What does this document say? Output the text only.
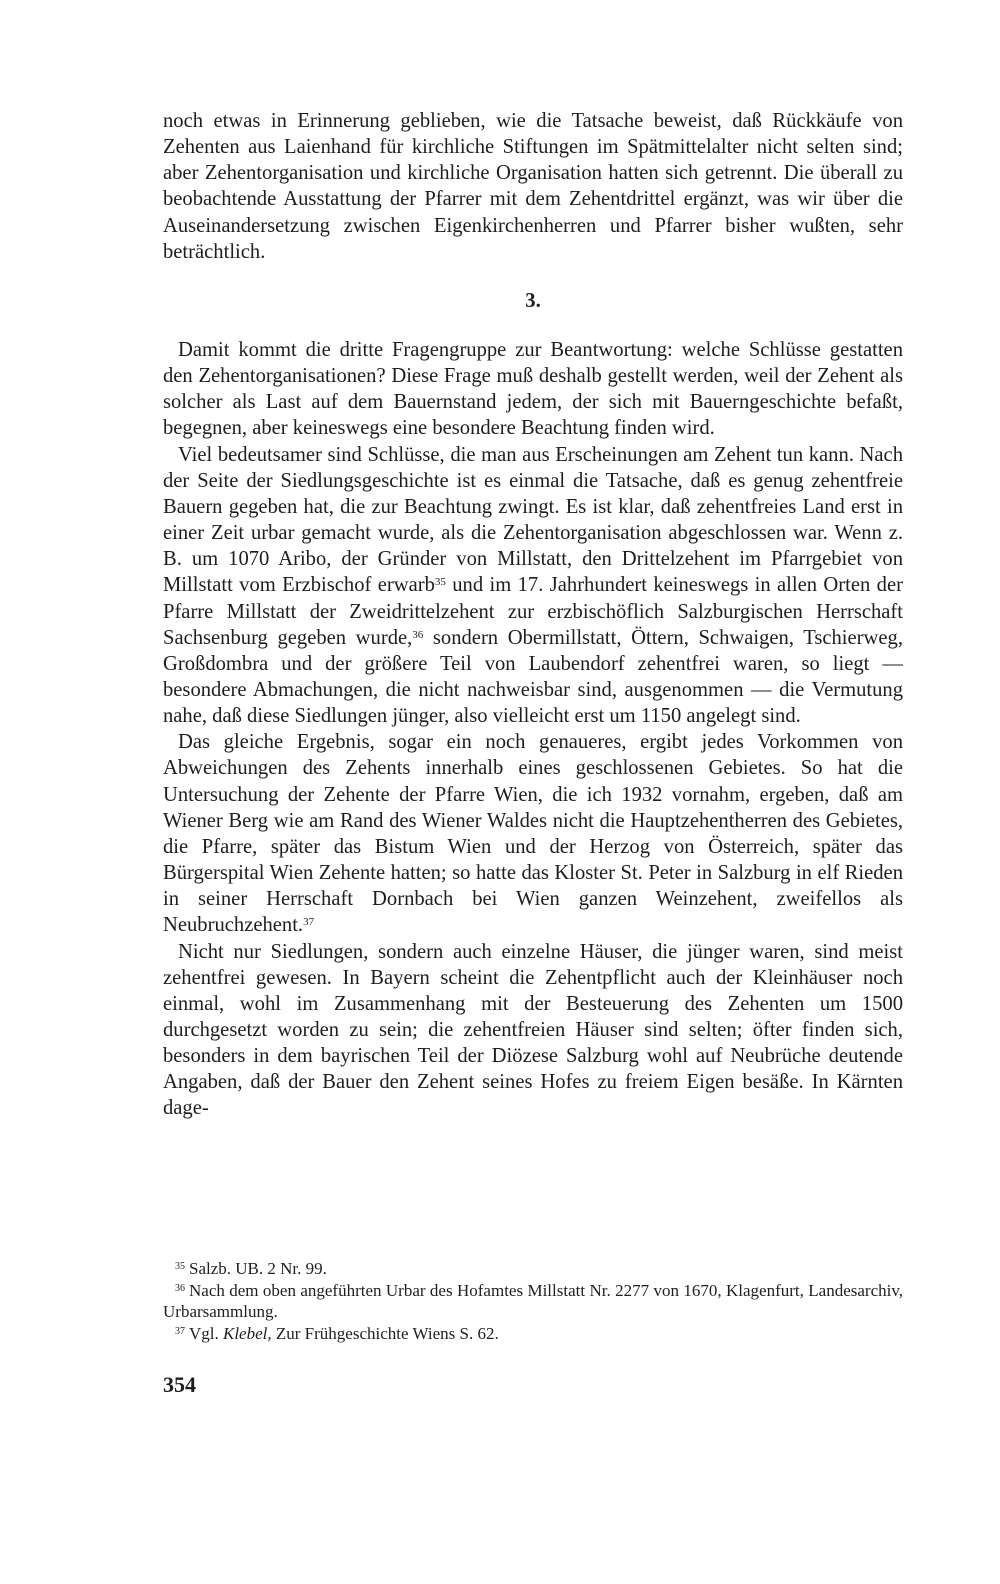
noch etwas in Erinnerung geblieben, wie die Tatsache beweist, daß Rückkäufe von Zehenten aus Laienhand für kirchliche Stiftungen im Spätmittelalter nicht selten sind; aber Zehentorganisation und kirchliche Organisation hatten sich getrennt. Die überall zu beobachtende Ausstattung der Pfarrer mit dem Zehentdrittel ergänzt, was wir über die Auseinandersetzung zwischen Eigenkirchenherren und Pfarrer bisher wußten, sehr beträchtlich.

3.

Damit kommt die dritte Fragengruppe zur Beantwortung: welche Schlüsse gestatten den Zehentorganisationen? Diese Frage muß deshalb gestellt werden, weil der Zehent als solcher als Last auf dem Bauernstand jedem, der sich mit Bauerngeschichte befaßt, begegnen, aber keineswegs eine besondere Beachtung finden wird.

Viel bedeutsamer sind Schlüsse, die man aus Erscheinungen am Zehent tun kann. Nach der Seite der Siedlungsgeschichte ist es einmal die Tatsache, daß es genug zehentfreie Bauern gegeben hat, die zur Beachtung zwingt. Es ist klar, daß zehentfreies Land erst in einer Zeit urbar gemacht wurde, als die Zehentorganisation abgeschlossen war. Wenn z. B. um 1070 Aribo, der Gründer von Millstatt, den Drittelzehent im Pfarrgebiet von Millstatt vom Erzbischof erwarb$^{35}$ und im 17. Jahrhundert keineswegs in allen Orten der Pfarre Millstatt der Zweidrittelzehent zur erzbischöflich Salzburgischen Herrschaft Sachsenburg gegeben wurde,$^{36}$ sondern Obermillstatt, Öttern, Schwaigen, Tschierweg, Großdombra und der größere Teil von Laubendorf zehentfrei waren, so liegt — besondere Abmachungen, die nicht nachweisbar sind, ausgenommen — die Vermutung nahe, daß diese Siedlungen jünger, also vielleicht erst um 1150 angelegt sind.

Das gleiche Ergebnis, sogar ein noch genaueres, ergibt jedes Vorkommen von Abweichungen des Zehents innerhalb eines geschlossenen Gebietes. So hat die Untersuchung der Zehente der Pfarre Wien, die ich 1932 vornahm, ergeben, daß am Wiener Berg wie am Rand des Wiener Waldes nicht die Hauptzehentherren des Gebietes, die Pfarre, später das Bistum Wien und der Herzog von Österreich, später das Bürgerspital Wien Zehente hatten; so hatte das Kloster St. Peter in Salzburg in elf Rieden in seiner Herrschaft Dornbach bei Wien ganzen Weinzehent, zweifellos als Neubruchzehent.$^{37}$

Nicht nur Siedlungen, sondern auch einzelne Häuser, die jünger waren, sind meist zehentfrei gewesen. In Bayern scheint die Zehentpflicht auch der Kleinhäuser noch einmal, wohl im Zusammenhang mit der Besteuerung des Zehenten um 1500 durchgesetzt worden zu sein; die zehentfreien Häuser sind selten; öfter finden sich, besonders in dem bayrischen Teil der Diözese Salzburg wohl auf Neubrüche deutende Angaben, daß der Bauer den Zehent seines Hofes zu freiem Eigen besäße. In Kärnten dage-

$^{35}$ Salzb. UB. 2 Nr. 99.

$^{36}$ Nach dem oben angeführten Urbar des Hofamtes Millstatt Nr. 2277 von 1670, Klagenfurt, Landesarchiv, Urbarsammlung.

$^{37}$ Vgl. Klebel, Zur Frühgeschichte Wiens S. 62.

354
